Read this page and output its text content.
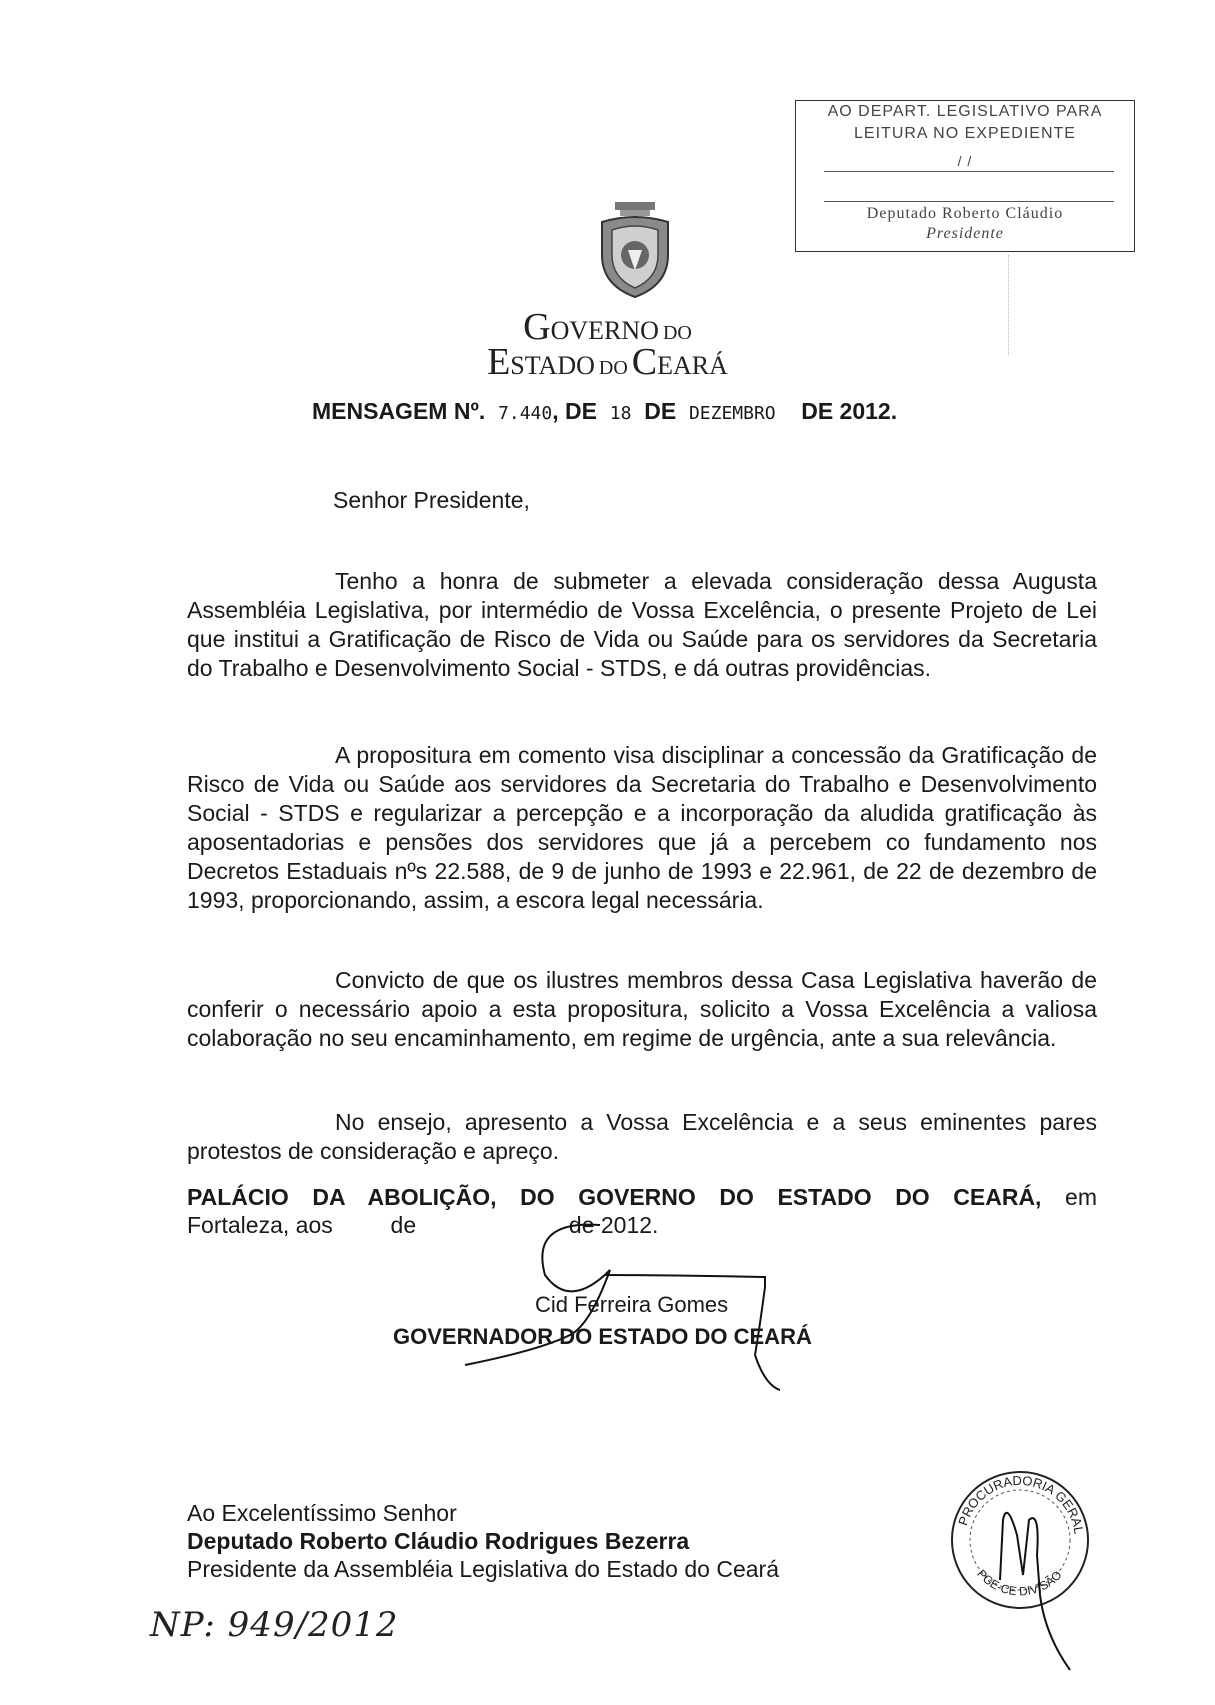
AO DEPART. LEGISLATIVO PARA
LEITURA NO EXPEDIENTE
/ /
Deputado Roberto Cláudio
Presidente
GOVERNO DO
ESTADO DO CEARÁ
MENSAGEM Nº. 7.440, DE 18 DE DEZEMBRO DE 2012.
Senhor Presidente,

Tenho a honra de submeter a elevada consideração dessa Augusta Assembléia Legislativa, por intermédio de Vossa Excelência, o presente Projeto de Lei que institui a Gratificação de Risco de Vida ou Saúde para os servidores da Secretaria do Trabalho e Desenvolvimento Social - STDS, e dá outras providências.

A propositura em comento visa disciplinar a concessão da Gratificação de Risco de Vida ou Saúde aos servidores da Secretaria do Trabalho e Desenvolvimento Social - STDS e regularizar a percepção e a incorporação da aludida gratificação às aposentadorias e pensões dos servidores que já a percebem co fundamento nos Decretos Estaduais nºs 22.588, de 9 de junho de 1993 e 22.961, de 22 de dezembro de 1993, proporcionando, assim, a escora legal necessária.

Convicto de que os ilustres membros dessa Casa Legislativa haverão de conferir o necessário apoio a esta propositura, solicito a Vossa Excelência a valiosa colaboração no seu encaminhamento, em regime de urgência, ante a sua relevância.

No ensejo, apresento a Vossa Excelência e a seus eminentes pares protestos de consideração e apreço.

PALÁCIO DA ABOLIÇÃO, DO GOVERNO DO ESTADO DO CEARÁ, em
Fortaleza, aos	de	de 2012.
Cid Ferreira Gomes
GOVERNADOR DO ESTADO DO CEARÁ
Ao Excelentíssimo Senhor
Deputado Roberto Cláudio Rodrigues Bezerra
Presidente da Assembléia Legislativa do Estado do Ceará
PROCURADORIA GERAL
PGE-CE DIVISÃO
NP: 949/2012
